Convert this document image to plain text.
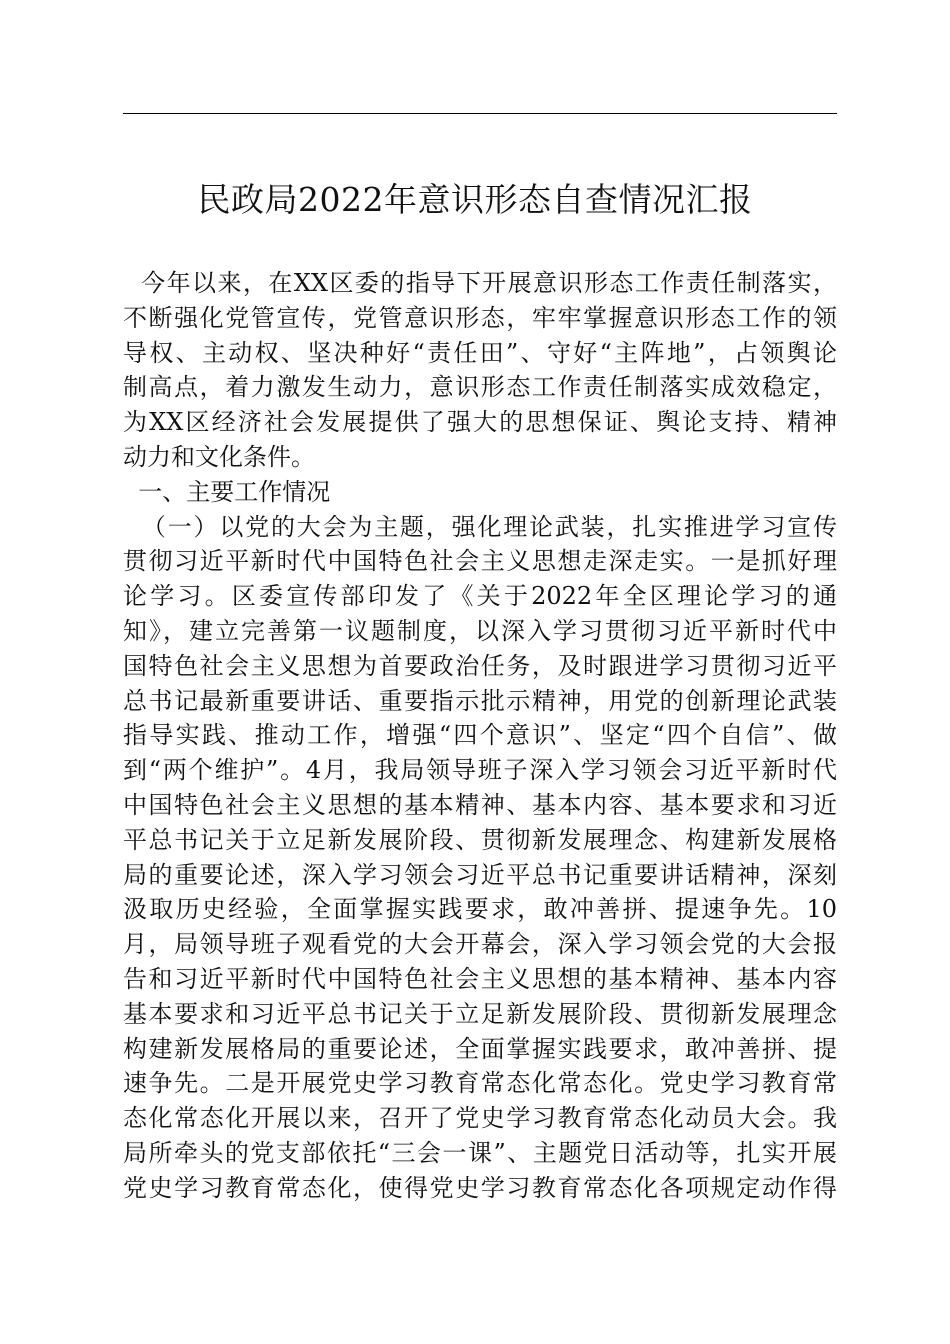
民政局2022年意识形态自查情况汇报
今年以来，在XX区委的指导下开展意识形态工作责任制落实，
不断强化党管宣传，党管意识形态，牢牢掌握意识形态工作的领
导权、主动权、坚决种好“责任田”、守好“主阵地”，占领舆论
制高点，着力激发生动力，意识形态工作责任制落实成效稳定，
为XX区经济社会发展提供了强大的思想保证、舆论支持、精神
动力和文化条件。
一、主要工作情况
（一）以党的大会为主题，强化理论武装，扎实推进学习宣传
贯彻习近平新时代中国特色社会主义思想走深走实。一是抓好理
论学习。区委宣传部印发了《关于2022年全区理论学习的通
知》，建立完善第一议题制度，以深入学习贯彻习近平新时代中
国特色社会主义思想为首要政治任务，及时跟进学习贯彻习近平
总书记最新重要讲话、重要指示批示精神，用党的创新理论武装
指导实践、推动工作，增强“四个意识”、坚定“四个自信”、做
到“两个维护”。4月，我局领导班子深入学习领会习近平新时代
中国特色社会主义思想的基本精神、基本内容、基本要求和习近
平总书记关于立足新发展阶段、贯彻新发展理念、构建新发展格
局的重要论述，深入学习领会习近平总书记重要讲话精神，深刻
汲取历史经验，全面掌握实践要求，敢冲善拼、提速争先。10
月，局领导班子观看党的大会开幕会，深入学习领会党的大会报
告和习近平新时代中国特色社会主义思想的基本精神、基本内容
基本要求和习近平总书记关于立足新发展阶段、贯彻新发展理念
构建新发展格局的重要论述，全面掌握实践要求，敢冲善拼、提
速争先。二是开展党史学习教育常态化常态化。党史学习教育常
态化常态化开展以来，召开了党史学习教育常态化动员大会。我
局所牵头的党支部依托“三会一课”、主题党日活动等，扎实开展
党史学习教育常态化，使得党史学习教育常态化各项规定动作得
